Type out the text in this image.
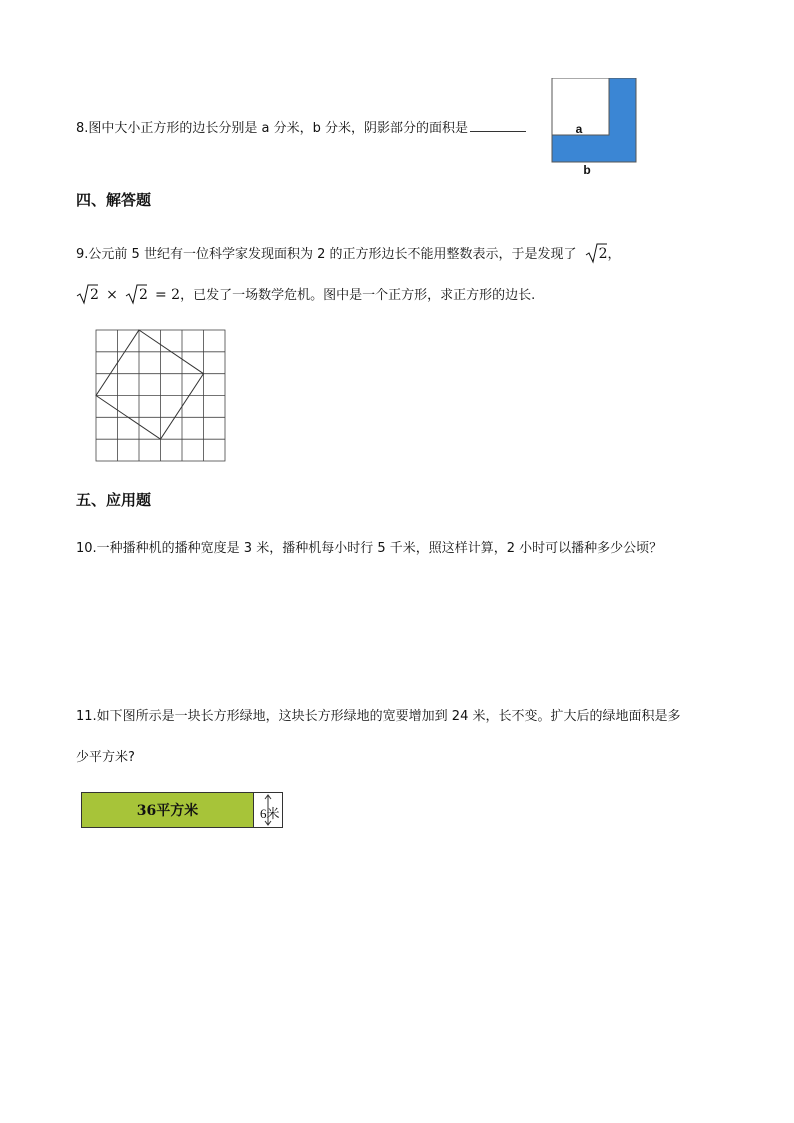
8.图中大小正方形的边长分别是 a 分米，b 分米，阴影部分的面积是	a
b
四、解答题
9.公元前 5 世纪有一位科学家发现面积为 2 的正方形边长不能用整数表示，于是发现了 2，
2 × 2 = 2，已发了一场数学危机。图中是一个正方形，求正方形的边长.
五、应用题
10.一种播种机的播种宽度是 3 米，播种机每小时行 5 千米，照这样计算，2 小时可以播种多少公顷？
11.如下图所示是一块长方形绿地，这块长方形绿地的宽要增加到 24 米，长不变。扩大后的绿地面积是多
少平方米?
36平方米	6米
